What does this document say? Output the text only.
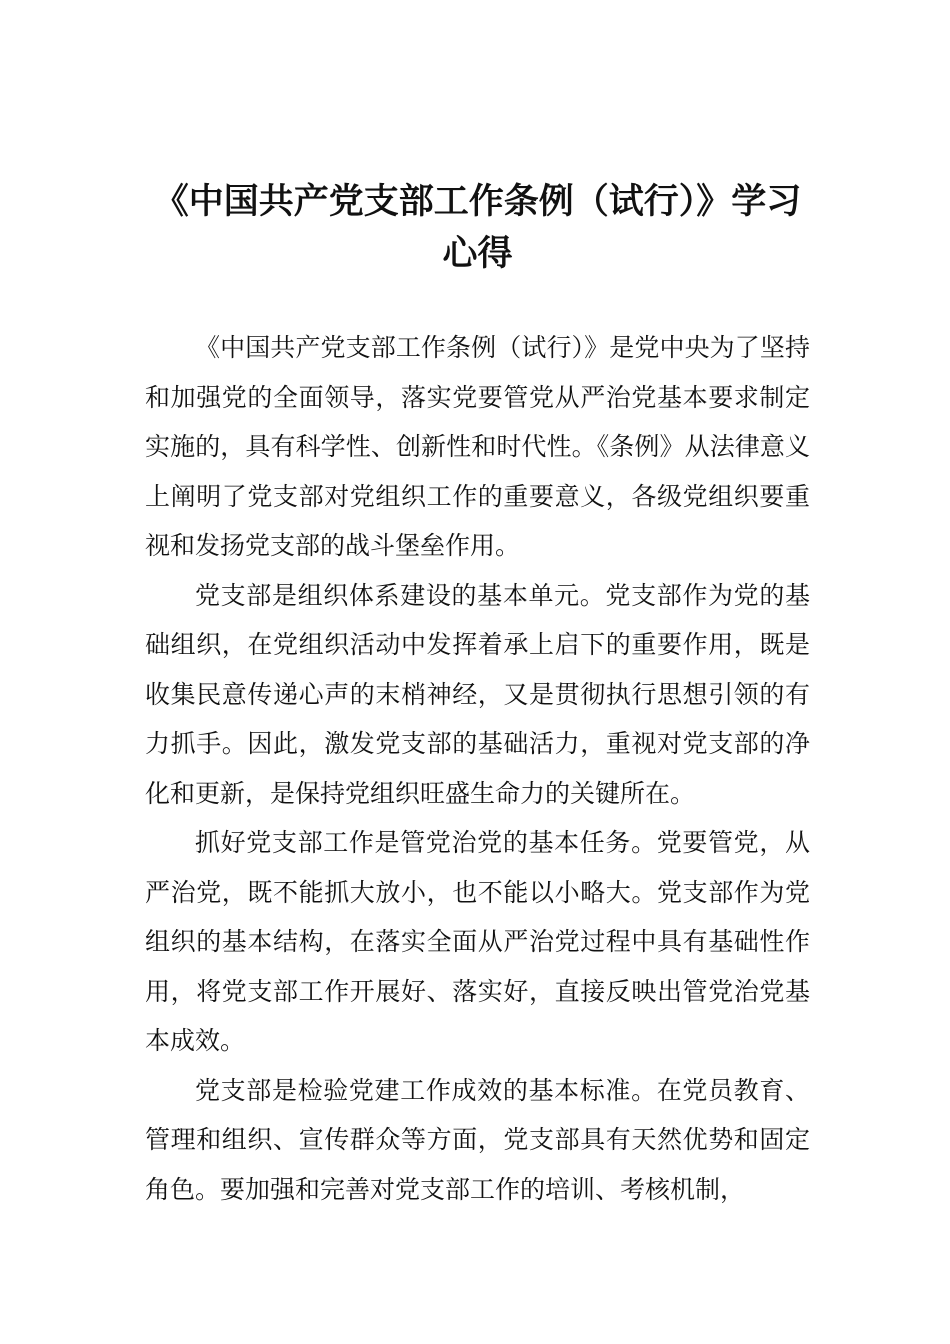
《中国共产党支部工作条例（试行）》学习心得

《中国共产党支部工作条例（试行）》是党中央为了坚持和加强党的全面领导，落实党要管党从严治党基本要求制定实施的，具有科学性、创新性和时代性。《条例》从法律意义上阐明了党支部对党组织工作的重要意义，各级党组织要重视和发扬党支部的战斗堡垒作用。

党支部是组织体系建设的基本单元。党支部作为党的基础组织，在党组织活动中发挥着承上启下的重要作用，既是收集民意传递心声的末梢神经，又是贯彻执行思想引领的有力抓手。因此，激发党支部的基础活力，重视对党支部的净化和更新，是保持党组织旺盛生命力的关键所在。

抓好党支部工作是管党治党的基本任务。党要管党，从严治党，既不能抓大放小，也不能以小略大。党支部作为党组织的基本结构，在落实全面从严治党过程中具有基础性作用，将党支部工作开展好、落实好，直接反映出管党治党基本成效。

党支部是检验党建工作成效的基本标准。在党员教育、管理和组织、宣传群众等方面，党支部具有天然优势和固定角色。要加强和完善对党支部工作的培训、考核机制，
